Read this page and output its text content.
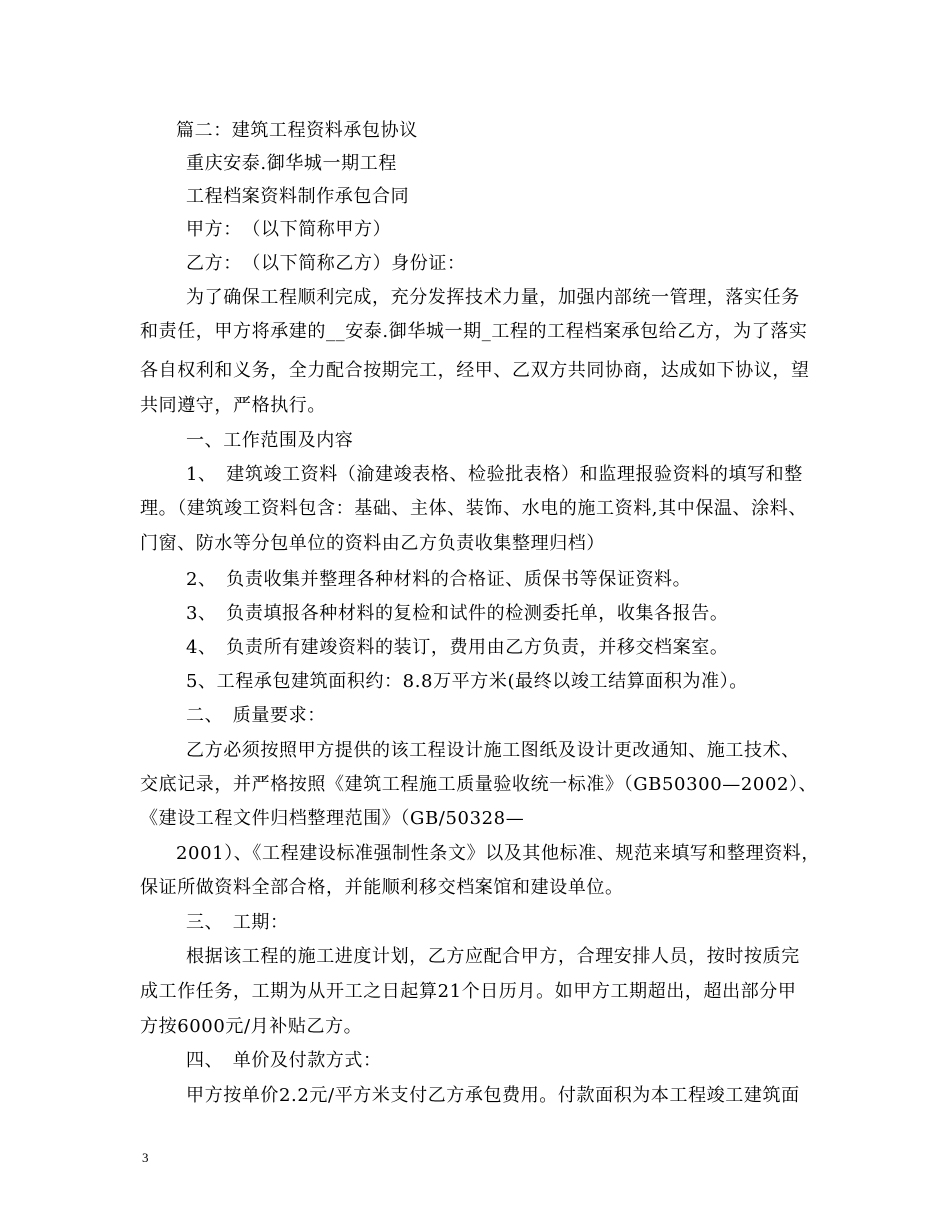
篇二：建筑工程资料承包协议
重庆安泰.御华城一期工程
工程档案资料制作承包合同
甲方：　（以下简称甲方）
乙方：　（以下简称乙方）身份证：
为了确保工程顺利完成，充分发挥技术力量，加强内部统一管理，落实任务
和责任，甲方将承建的__安泰.御华城一期_工程的工程档案承包给乙方，为了落实
各自权利和义务，全力配合按期完工，经甲、乙双方共同协商，达成如下协议，望
共同遵守，严格执行。
一、工作范围及内容
1、　建筑竣工资料（渝建竣表格、检验批表格）和监理报验资料的填写和整
理。（建筑竣工资料包含：基础、主体、装饰、水电的施工资料,其中保温、涂料、
门窗、防水等分包单位的资料由乙方负责收集整理归档）
2、　负责收集并整理各种材料的合格证、质保书等保证资料。
3、　负责填报各种材料的复检和试件的检测委托单，收集各报告。
4、　负责所有建竣资料的装订，费用由乙方负责，并移交档案室。
5、工程承包建筑面积约：8.8万平方米(最终以竣工结算面积为准）。
二、　质量要求：
乙方必须按照甲方提供的该工程设计施工图纸及设计更改通知、施工技术、
交底记录，并严格按照《建筑工程施工质量验收统一标准》（GB50300—2002）、
《建设工程文件归档整理范围》（GB/50328—
2001）、《工程建设标准强制性条文》以及其他标准、规范来填写和整理资料，
保证所做资料全部合格，并能顺利移交档案馆和建设单位。
三、　工期：
根据该工程的施工进度计划，乙方应配合甲方，合理安排人员，按时按质完
成工作任务，工期为从开工之日起算21个日历月。如甲方工期超出，超出部分甲
方按6000元/月补贴乙方。
四、　单价及付款方式：
甲方按单价2.2元/平方米支付乙方承包费用。付款面积为本工程竣工建筑面
3
